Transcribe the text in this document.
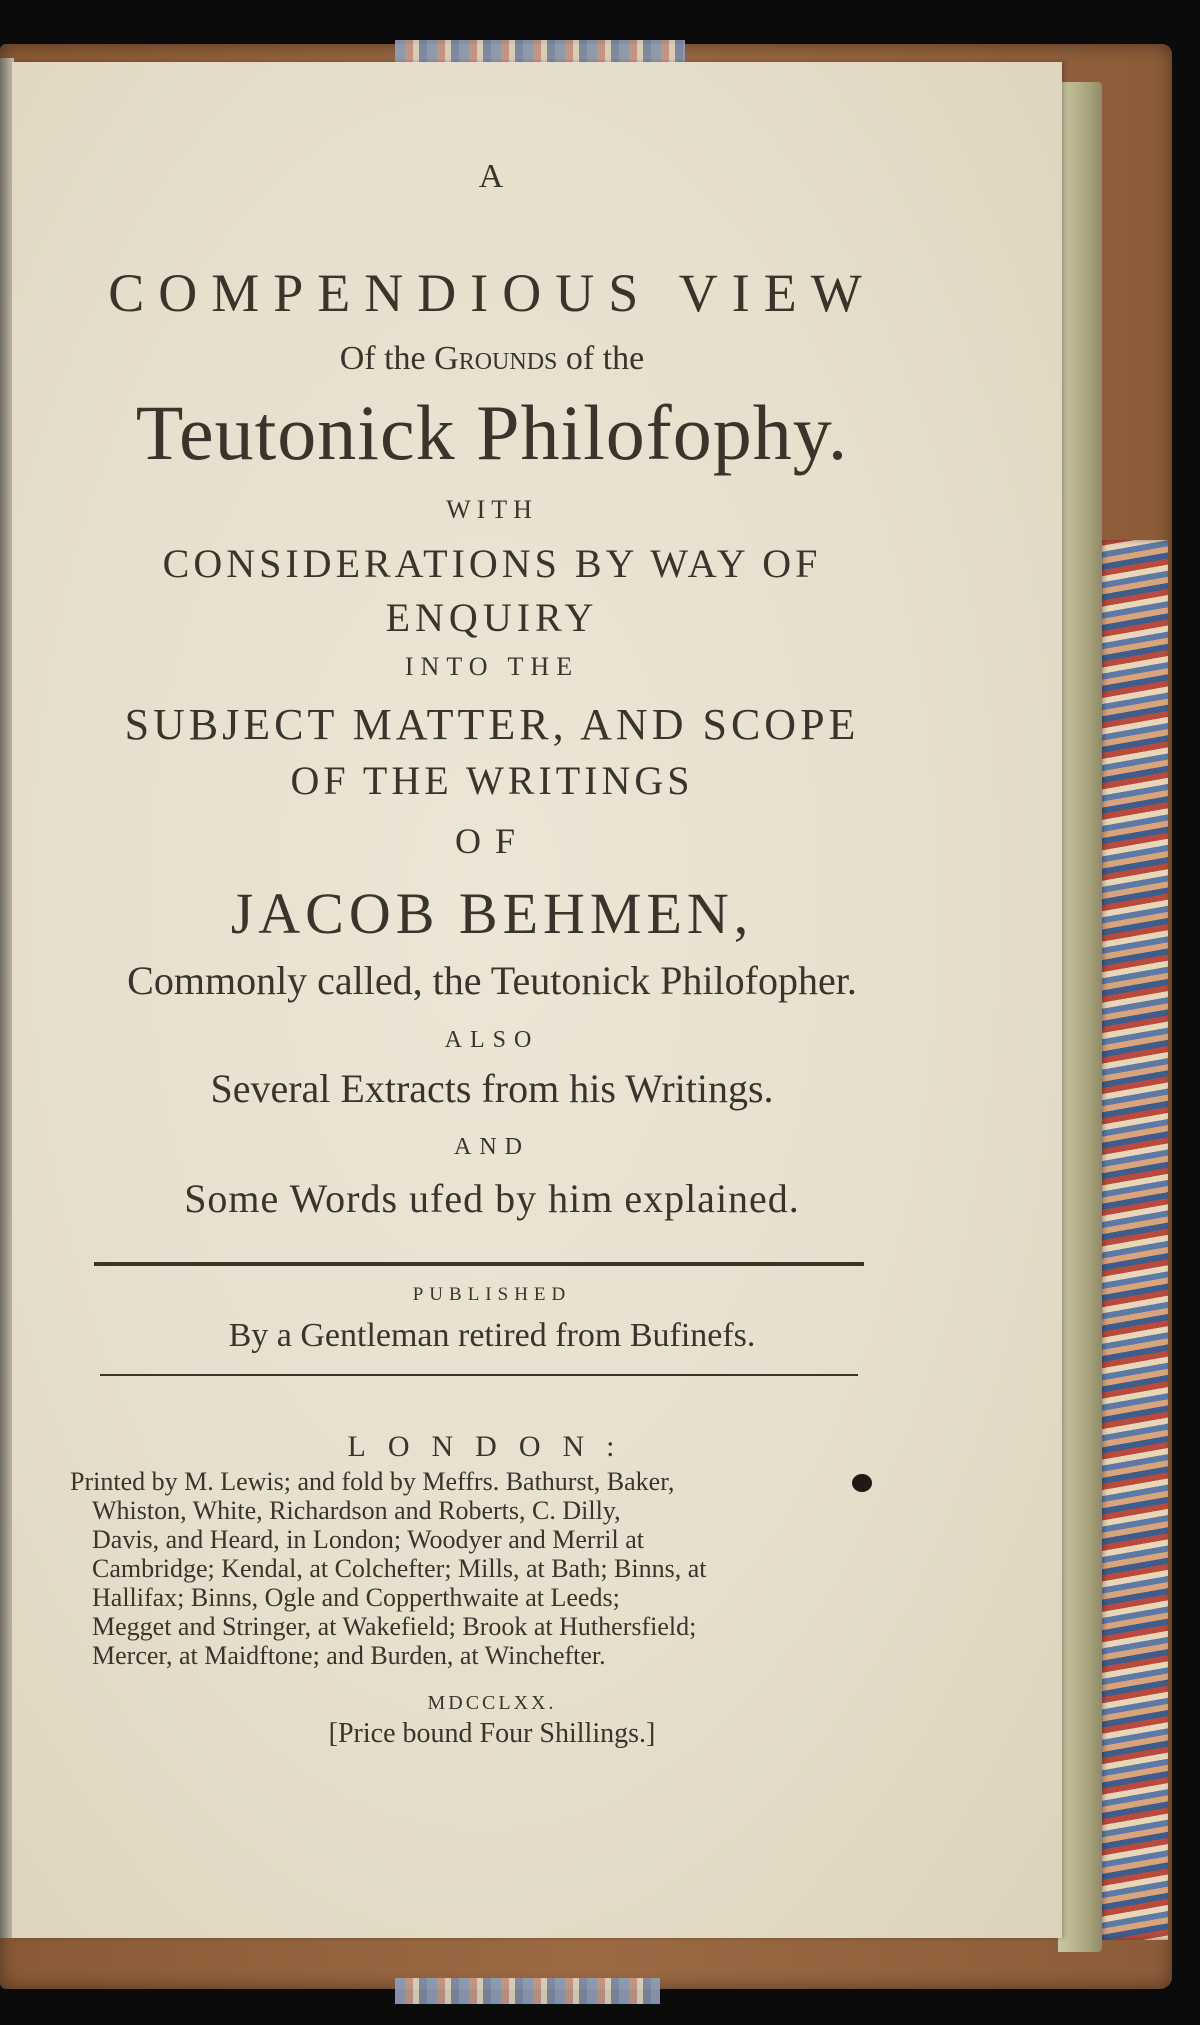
A
COMPENDIOUS VIEW
Of the Grounds of the
Teutonick Philofophy.
WITH
CONSIDERATIONS BY WAY OF
ENQUIRY
INTO THE
SUBJECT MATTER, AND SCOPE
OF THE WRITINGS
OF
JACOB BEHMEN,
Commonly called, the Teutonick Philofopher.
ALSO
Several Extracts from his Writings.
AND
Some Words ufed by him explained.
PUBLISHED
By a Gentleman retired from Bufinefs.
LONDON:
Printed by M. Lewis; and fold by Meffrs. Bathurst, Baker,
Whiston, White, Richardson and Roberts, C. Dilly,
Davis, and Heard, in London; Woodyer and Merril at
Cambridge; Kendal, at Colchefter; Mills, at Bath; Binns, at
Hallifax; Binns, Ogle and Copperthwaite at Leeds;
Megget and Stringer, at Wakefield; Brook at Huthersfield;
Mercer, at Maidftone; and Burden, at Winchefter.
MDCCLXX.
[Price bound Four Shillings.]
